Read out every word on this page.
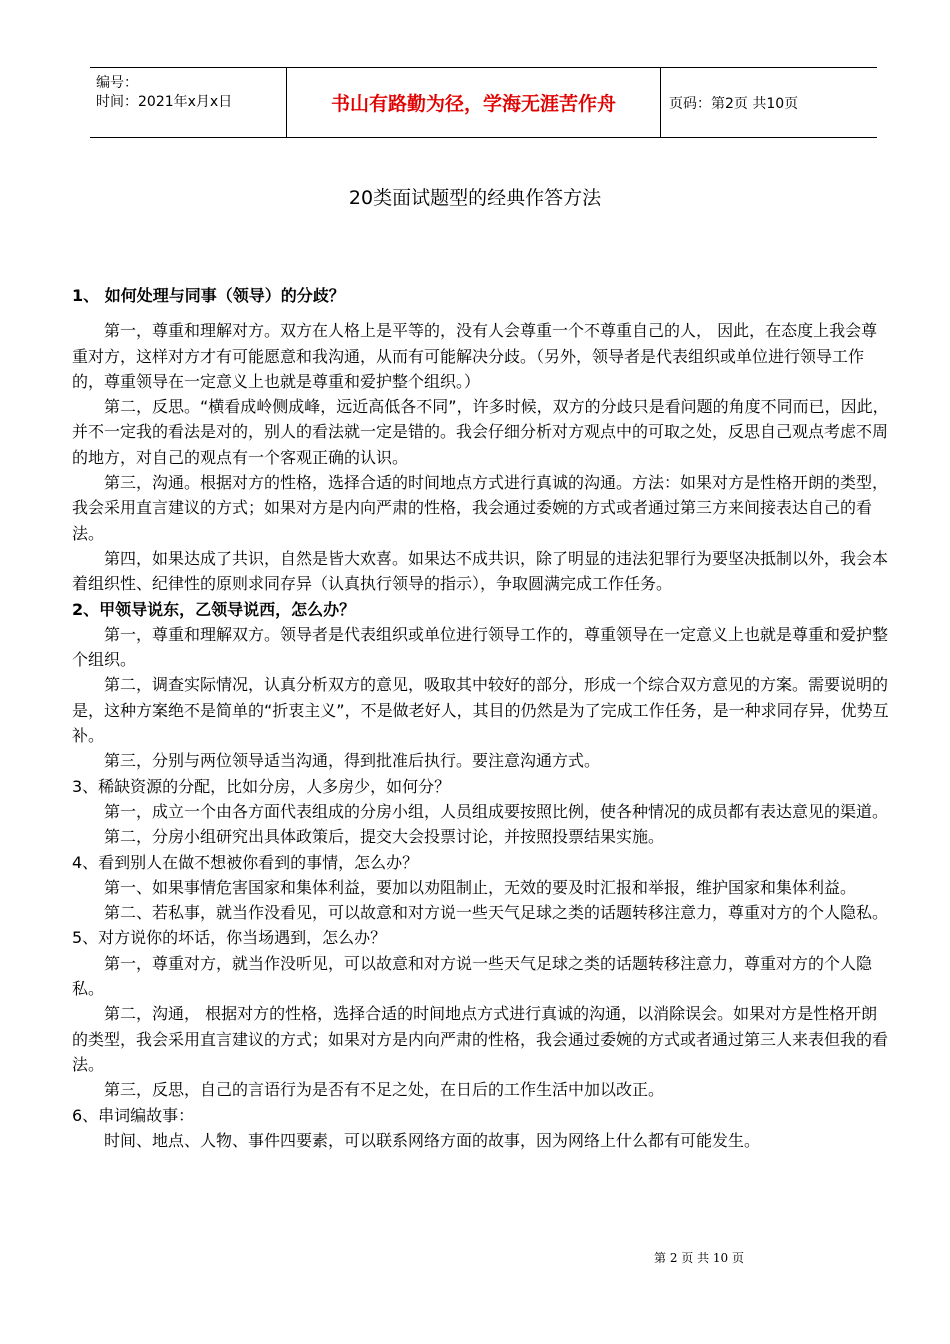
编号：
时间：2021年x月x日	书山有路勤为径，学海无涯苦作舟	页码：第2页 共10页
20类面试题型的经典作答方法

1、 如何处理与同事（领导）的分歧？

第一，尊重和理解对方。双方在人格上是平等的，没有人会尊重一个不尊重自己的人， 因此，在态度上我会尊重对方，这样对方才有可能愿意和我沟通，从而有可能解决分歧。（另外，领导者是代表组织或单位进行领导工作的，尊重领导在一定意义上也就是尊重和爱护整个组织。）

第二，反思。“横看成岭侧成峰，远近高低各不同”，许多时候，双方的分歧只是看问题的角度不同而已，因此，并不一定我的看法是对的，别人的看法就一定是错的。我会仔细分析对方观点中的可取之处，反思自己观点考虑不周的地方，对自己的观点有一个客观正确的认识。

第三，沟通。根据对方的性格，选择合适的时间地点方式进行真诚的沟通。方法：如果对方是性格开朗的类型，我会采用直言建议的方式；如果对方是内向严肃的性格，我会通过委婉的方式或者通过第三方来间接表达自己的看法。

第四，如果达成了共识，自然是皆大欢喜。如果达不成共识，除了明显的违法犯罪行为要坚决抵制以外，我会本着组织性、纪律性的原则求同存异（认真执行领导的指示），争取圆满完成工作任务。

2、甲领导说东，乙领导说西，怎么办？

第一，尊重和理解双方。领导者是代表组织或单位进行领导工作的，尊重领导在一定意义上也就是尊重和爱护整个组织。

第二，调查实际情况，认真分析双方的意见，吸取其中较好的部分，形成一个综合双方意见的方案。需要说明的是，这种方案绝不是简单的“折衷主义”，不是做老好人，其目的仍然是为了完成工作任务，是一种求同存异，优势互补。

第三，分别与两位领导适当沟通，得到批准后执行。要注意沟通方式。

3、稀缺资源的分配，比如分房，人多房少，如何分？

第一，成立一个由各方面代表组成的分房小组，人员组成要按照比例，使各种情况的成员都有表达意见的渠道。

第二，分房小组研究出具体政策后，提交大会投票讨论，并按照投票结果实施。

4、看到别人在做不想被你看到的事情，怎么办？

第一、如果事情危害国家和集体利益，要加以劝阻制止，无效的要及时汇报和举报，维护国家和集体利益。

第二、若私事，就当作没看见，可以故意和对方说一些天气足球之类的话题转移注意力，尊重对方的个人隐私。

5、对方说你的坏话，你当场遇到，怎么办？

第一，尊重对方，就当作没听见，可以故意和对方说一些天气足球之类的话题转移注意力，尊重对方的个人隐私。

第二，沟通， 根据对方的性格，选择合适的时间地点方式进行真诚的沟通，以消除误会。如果对方是性格开朗的类型，我会采用直言建议的方式；如果对方是内向严肃的性格，我会通过委婉的方式或者通过第三人来表但我的看法。

第三，反思，自己的言语行为是否有不足之处，在日后的工作生活中加以改正。

6、串词编故事：

时间、地点、人物、事件四要素，可以联系网络方面的故事，因为网络上什么都有可能发生。

第 2 页 共 10 页
